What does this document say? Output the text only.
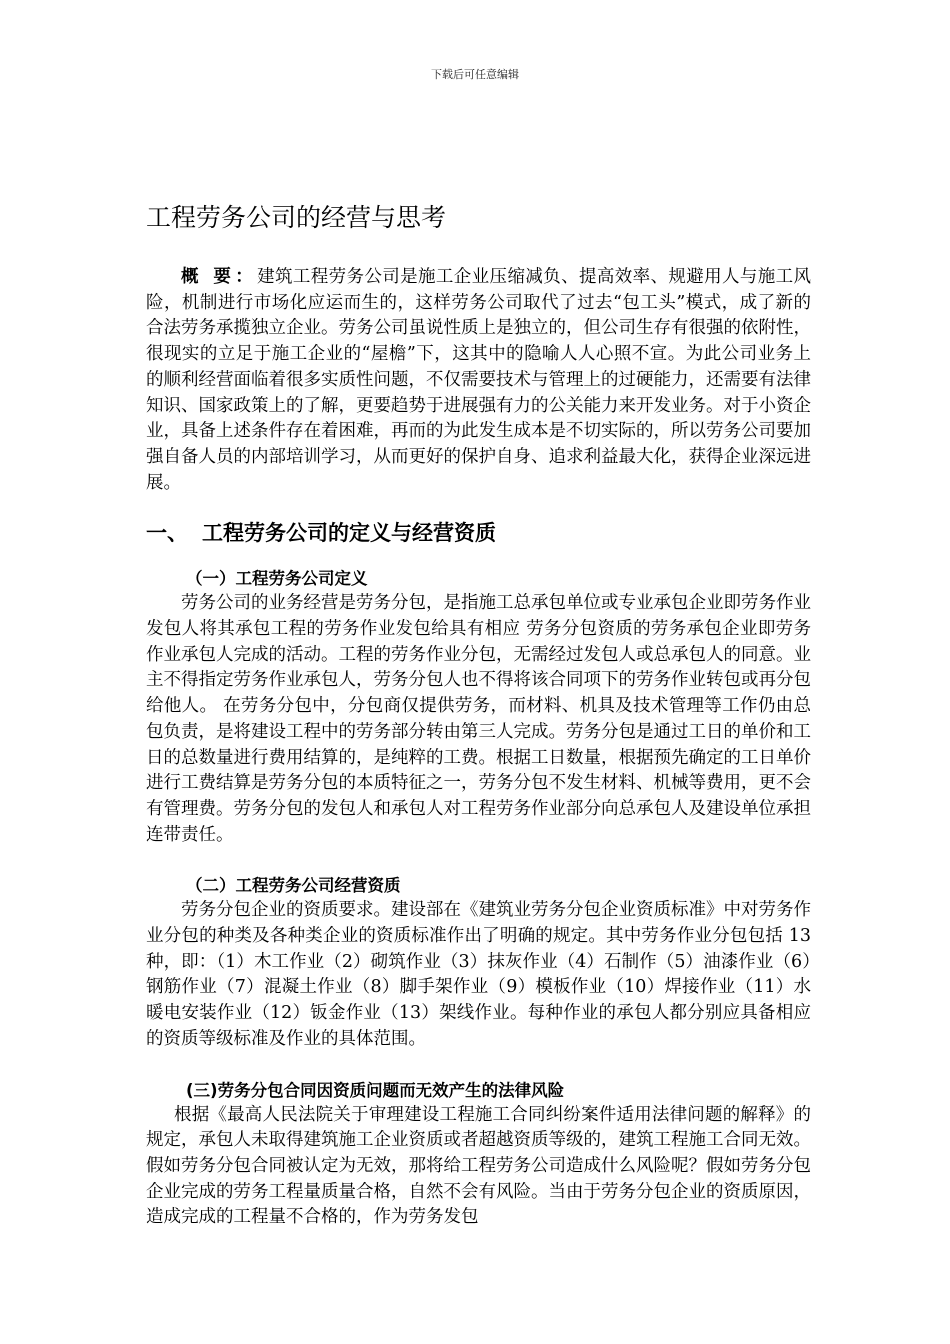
下载后可任意编辑
工程劳务公司的经营与思考

概 要：建筑工程劳务公司是施工企业压缩减负、提高效率、规避用人与施工风险，机制进行市场化应运而生的，这样劳务公司取代了过去“包工头”模式，成了新的合法劳务承揽独立企业。劳务公司虽说性质上是独立的，但公司生存有很强的依附性，很现实的立足于施工企业的“屋檐”下，这其中的隐喻人人心照不宣。为此公司业务上的顺利经营面临着很多实质性问题，不仅需要技术与管理上的过硬能力，还需要有法律知识、国家政策上的了解，更要趋势于进展强有力的公关能力来开发业务。对于小资企业，具备上述条件存在着困难，再而的为此发生成本是不切实际的，所以劳务公司要加强自备人员的内部培训学习，从而更好的保护自身、追求利益最大化，获得企业深远进展。

一、 工程劳务公司的定义与经营资质

（一）工程劳务公司定义

劳务公司的业务经营是劳务分包，是指施工总承包单位或专业承包企业即劳务作业发包人将其承包工程的劳务作业发包给具有相应 劳务分包资质的劳务承包企业即劳务作业承包人完成的活动。工程的劳务作业分包，无需经过发包人或总承包人的同意。业主不得指定劳务作业承包人，劳务分包人也不得将该合同项下的劳务作业转包或再分包给他人。 在劳务分包中，分包商仅提供劳务，而材料、机具及技术管理等工作仍由总包负责，是将建设工程中的劳务部分转由第三人完成。劳务分包是通过工日的单价和工日的总数量进行费用结算的，是纯粹的工费。根据工日数量，根据预先确定的工日单价进行工费结算是劳务分包的本质特征之一，劳务分包不发生材料、机械等费用，更不会有管理费。劳务分包的发包人和承包人对工程劳务作业部分向总承包人及建设单位承担连带责任。

（二）工程劳务公司经营资质

劳务分包企业的资质要求。建设部在《建筑业劳务分包企业资质标准》中对劳务作业分包的种类及各种类企业的资质标准作出了明确的规定。其中劳务作业分包包括 13 种，即：（1）木工作业（2）砌筑作业（3）抹灰作业（4）石制作（5）油漆作业（6）钢筋作业（7）混凝土作业（8）脚手架作业（9）模板作业（10）焊接作业（11）水暖电安装作业（12）钣金作业（13）架线作业。每种作业的承包人都分别应具备相应的资质等级标准及作业的具体范围。

(三)劳务分包合同因资质问题而无效产生的法律风险

根据《最高人民法院关于审理建设工程施工合同纠纷案件适用法律问题的解释》的规定，承包人未取得建筑施工企业资质或者超越资质等级的，建筑工程施工合同无效。假如劳务分包合同被认定为无效，那将给工程劳务公司造成什么风险呢？假如劳务分包企业完成的劳务工程量质量合格，自然不会有风险。当由于劳务分包企业的资质原因，造成完成的工程量不合格的，作为劳务发包
